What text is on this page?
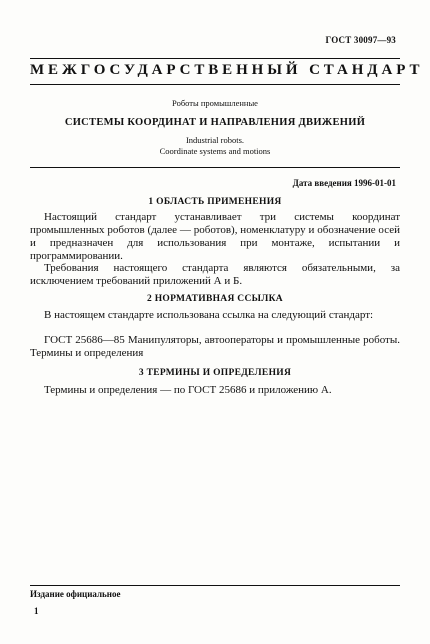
ГОСТ 30097—93
МЕЖГОСУДАРСТВЕННЫЙ СТАНДАРТ
Роботы промышленные
СИСТЕМЫ КООРДИНАТ И НАПРАВЛЕНИЯ ДВИЖЕНИЙ
Industrial robots.
Coordinate systems and motions
Дата введения 1996-01-01
1 ОБЛАСТЬ ПРИМЕНЕНИЯ

Настоящий стандарт устанавливает три системы координат промышленных роботов (далее — роботов), номенклатуру и обозначение осей и предназначен для использования при монтаже, испытании и программировании.

Требования настоящего стандарта являются обязательными, за исключением требований приложений А и Б.

2 НОРМАТИВНАЯ ССЫЛКА

В настоящем стандарте использована ссылка на следующий стандарт:

ГОСТ 25686—85 Манипуляторы, автооператоры и промышленные роботы. Термины и определения

3 ТЕРМИНЫ И ОПРЕДЕЛЕНИЯ

Термины и определения — по ГОСТ 25686 и приложению А.

Издание официальное
1
